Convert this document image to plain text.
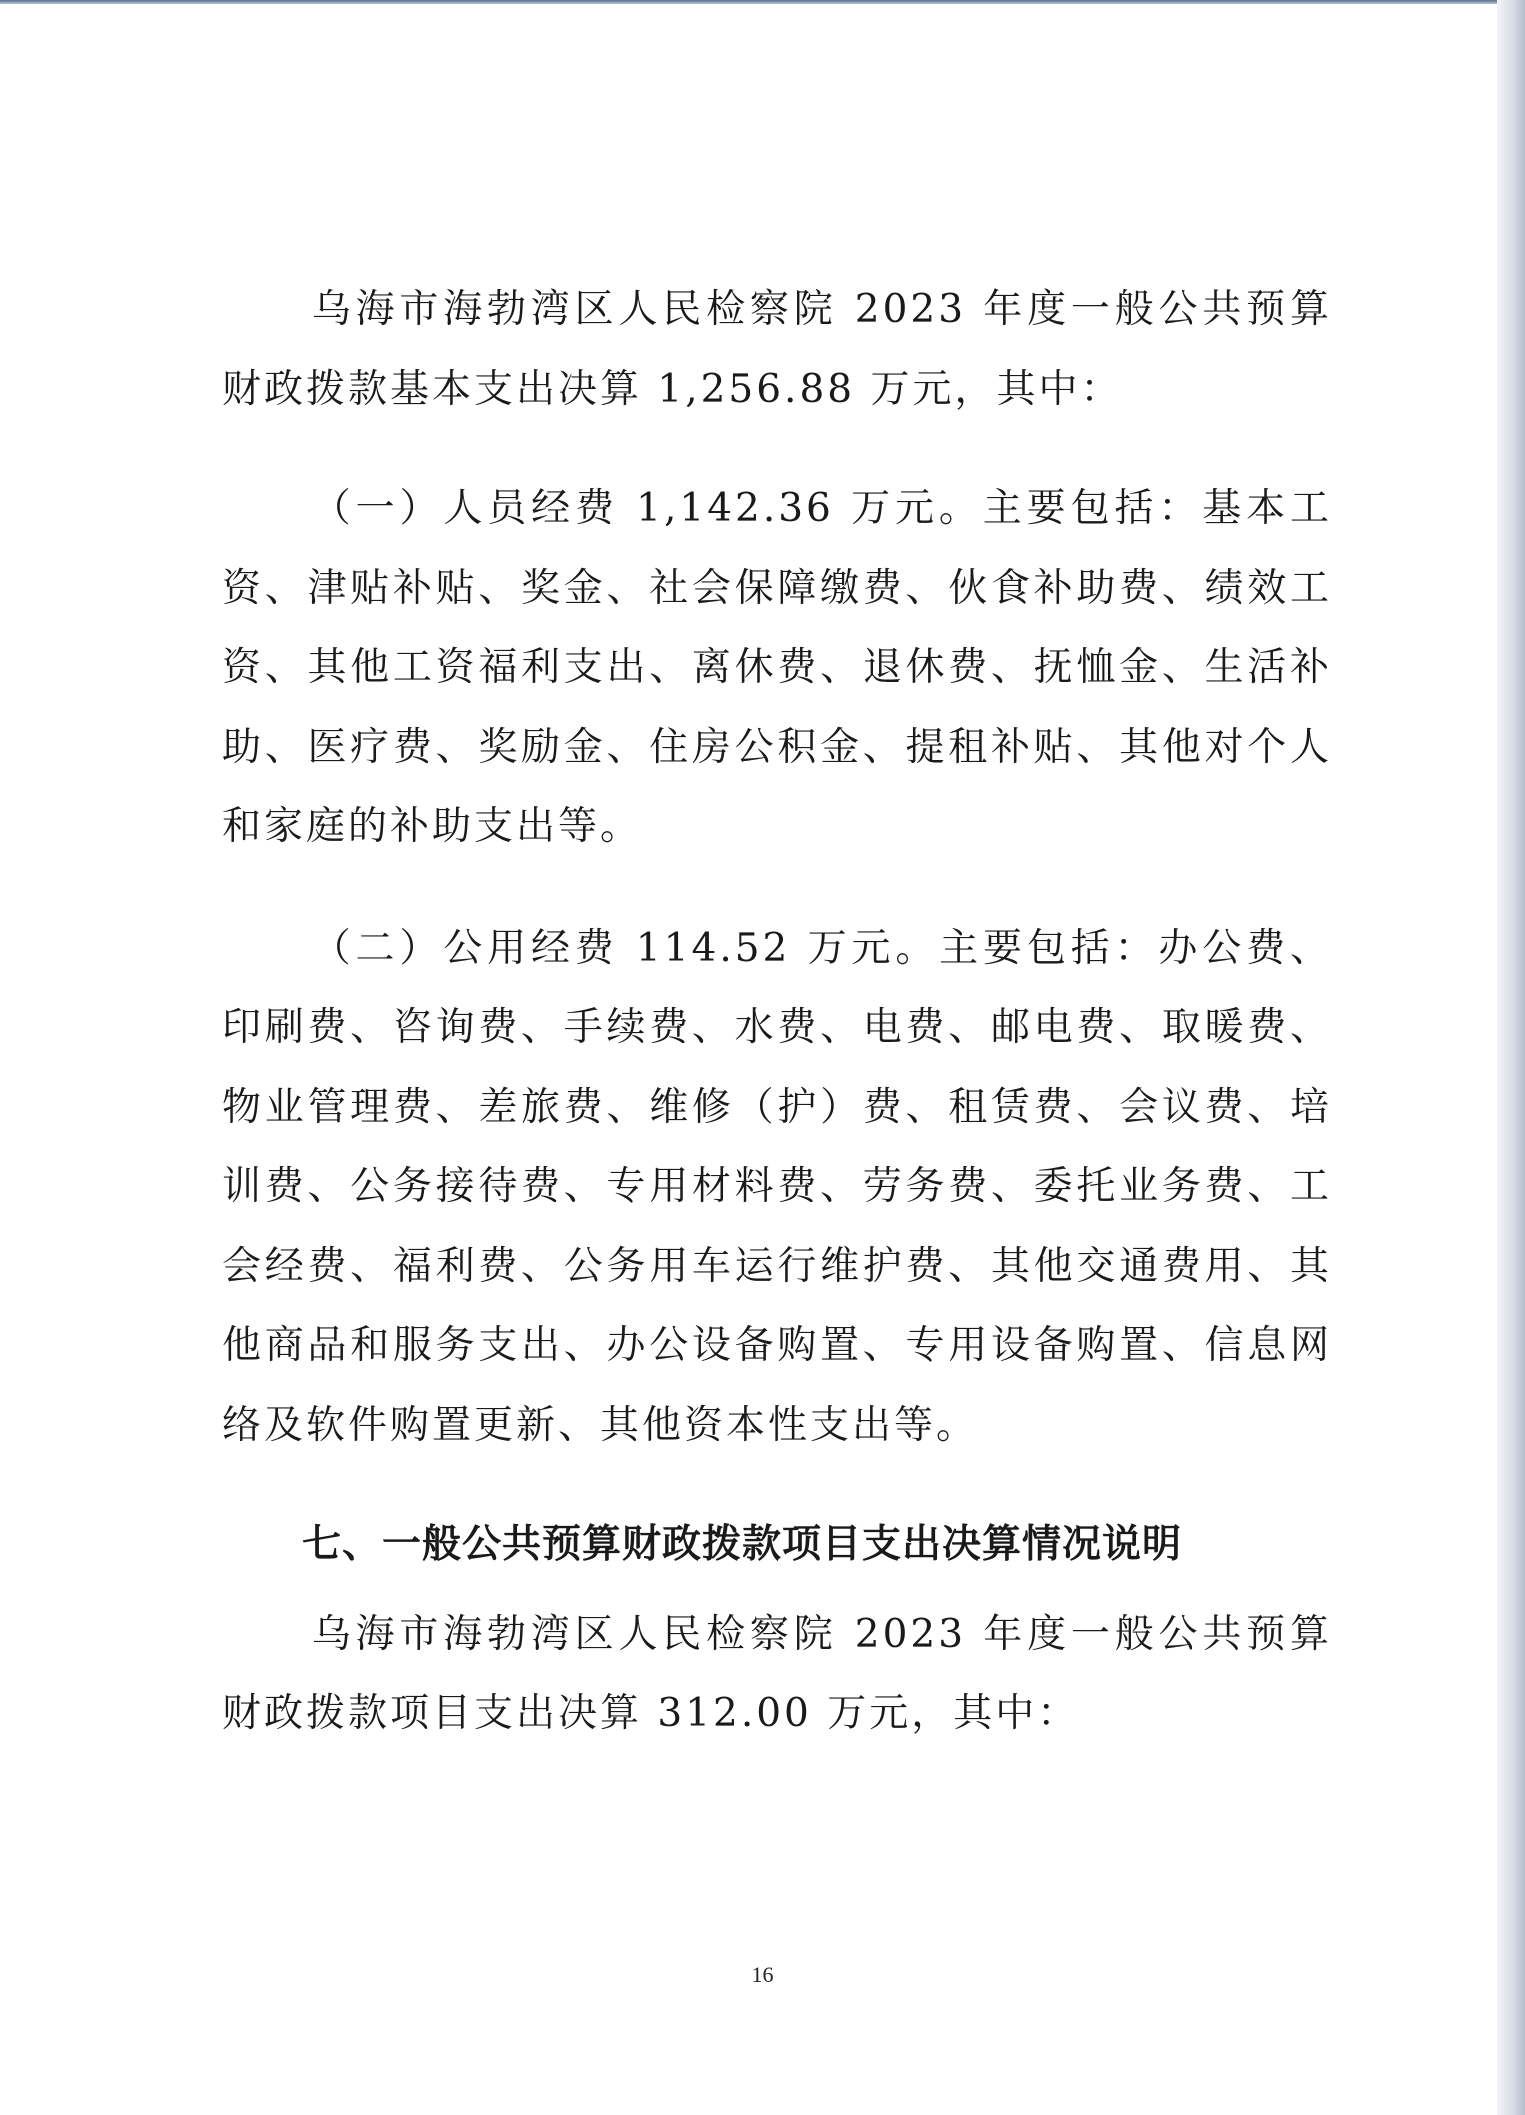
乌海市海勃湾区人民检察院 2023 年度一般公共预算财政拨款基本支出决算 1,256.88 万元，其中：

（一）人员经费 1,142.36 万元。主要包括：基本工资、津贴补贴、奖金、社会保障缴费、伙食补助费、绩效工资、其他工资福利支出、离休费、退休费、抚恤金、生活补助、医疗费、奖励金、住房公积金、提租补贴、其他对个人和家庭的补助支出等。

（二）公用经费 114.52 万元。主要包括：办公费、印刷费、咨询费、手续费、水费、电费、邮电费、取暖费、物业管理费、差旅费、维修（护）费、租赁费、会议费、培训费、公务接待费、专用材料费、劳务费、委托业务费、工会经费、福利费、公务用车运行维护费、其他交通费用、其他商品和服务支出、办公设备购置、专用设备购置、信息网络及软件购置更新、其他资本性支出等。

七、一般公共预算财政拨款项目支出决算情况说明

乌海市海勃湾区人民检察院 2023 年度一般公共预算财政拨款项目支出决算 312.00 万元，其中：

16
